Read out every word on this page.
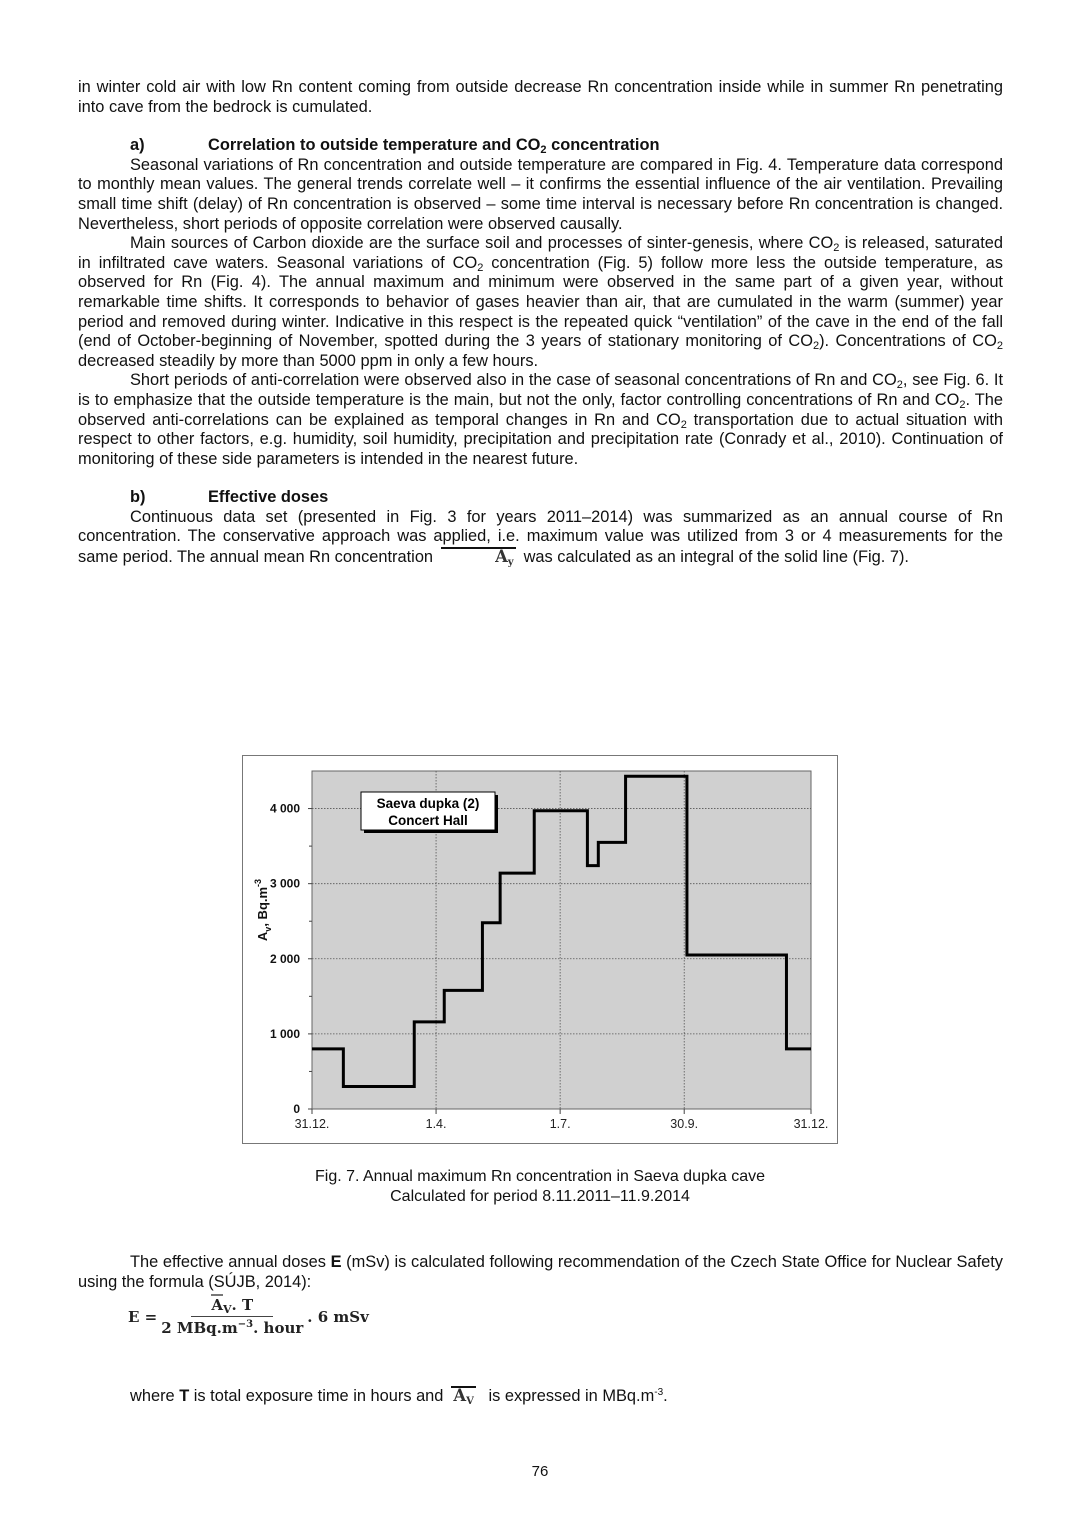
in winter cold air with low Rn content coming from outside decrease Rn concentration inside while in summer Rn penetrating into cave from the bedrock is cumulated.

a)	Correlation to outside temperature and $CO_2$ concentration

Seasonal variations of Rn concentration and outside temperature are compared in Fig. 4. Temperature data correspond to monthly mean values. The general trends correlate well – it confirms the essential influence of the air ventilation. Prevailing small time shift (delay) of Rn concentration is observed – some time interval is necessary before Rn concentration is changed. Nevertheless, short periods of opposite correlation were observed causally.

Main sources of Carbon dioxide are the surface soil and processes of sinter-genesis, where $CO_2$ is released, saturated in infiltrated cave waters. Seasonal variations of $CO_2$ concentration (Fig. 5) follow more less the outside temperature, as observed for Rn (Fig. 4). The annual maximum and minimum were observed in the same part of a given year, without remarkable time shifts. It corresponds to behavior of gases heavier than air, that are cumulated in the warm (summer) year period and removed during winter. Indicative in this respect is the repeated quick “ventilation” of the cave in the end of the fall (end of October-beginning of November, spotted during the 3 years of stationary monitoring of $CO_2$). Concentrations of $CO_2$ decreased steadily by more than 5000 ppm in only a few hours.

Short periods of anti-correlation were observed also in the case of seasonal concentrations of Rn and $CO_2$, see Fig. 6. It is to emphasize that the outside temperature is the main, but not the only, factor controlling concentrations of Rn and $CO_2$. The observed anti-correlations can be explained as temporal changes in Rn and $CO_2$ transportation due to actual situation with respect to other factors, e.g. humidity, soil humidity, precipitation and precipitation rate (Conrady et al., 2010). Continuation of monitoring of these side parameters is intended in the nearest future.

b)	Effective doses

Continuous data set (presented in Fig. 3 for years 2011–2014) was summarized as an annual course of Rn concentration. The conservative approach was applied, i.e. maximum value was utilized from 3 or 4 measurements for the same period. The annual mean Rn concentration	Ay was calculated as an integral of the solid line (Fig. 7).

0
1 000
2 000
3 000
4 000
31.12.	1.4.	1.7.	30.9.	31.12.
$A_v$, $Bq.m^{-3}$
Saeva dupka (2)
Concert Hall
Fig. 7. Annual maximum Rn concentration in Saeva dupka cave
Calculated for period 8.11.2011–11.9.2014

The effective annual doses E (mSv) is calculated following recommendation of the Czech State Office for Nuclear Safety using the formula (SÚJB, 2014):

$E = \frac{A_V. T}{2 MBq.m^{-3}. hour}$ . 6 mSv
where T is total exposure time in hours and AV is expressed in $MBq.m^{-3}$.
76
